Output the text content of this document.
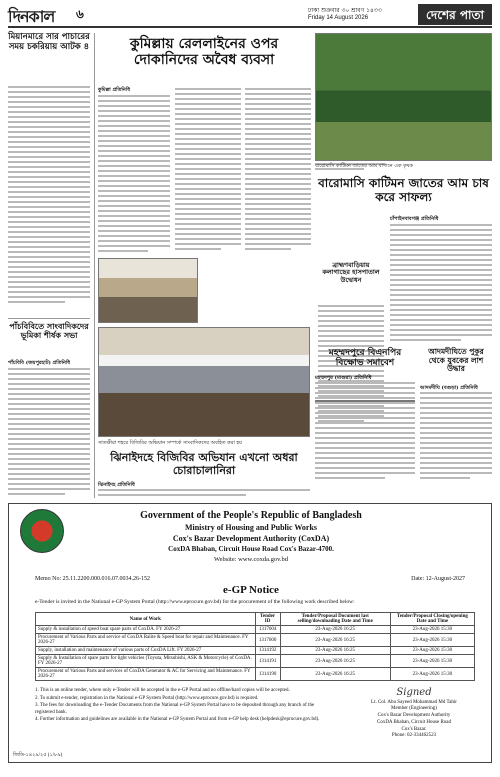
দিনকাল ৬	ঢাকা শুক্রবার ৩০ শ্রাবণ ১৪৩৩
Friday 14 August 2026	দেশের পাতা
মিয়ানমারে সার পাচারের সময় চকরিয়ায় আটক ৪
পাঁচবিবিতে সাংবাদিকদের ভূমিকা শীর্ষক সভা
পাঁচবিবি (জয়পুরহাট) প্রতিনিধি
কুমিল্লায় রেললাইনের ওপর দোকানিদের অবৈধ ব্যবসা
কুমিল্লা প্রতিনিধি
সাতক্ষীরা শহরে বিজিবির অভিযান সম্পর্কে সাংবাদিকদের অবহিত করা হয়
ঝিনাইদহে বিজিবির অভিযান এখনো অধরা চোরাচালানিরা
ঝিনাইদহ প্রতিনিধি
ব্রাহ্মণবাড়িয়ায় কলাগাছের হাসপাতাল উদ্বোধন
বারোমাসি কাটিমন জাতের আম বাগানে এক কৃষক
বারোমাসি কাটিমন জাতের আম চাষ করে সাফল্য
চাঁপাইনবাবগঞ্জ প্রতিনিধি
মহম্মদপুরে বিএনপির বিক্ষোভ সমাবেশ
মহম্মদপুর (মাগুরা) প্রতিনিধি
আদমদীঘিতে পুকুর থেকে যুবকের লাশ উদ্ধার
আদমদীঘি (বগুড়া) প্রতিনিধি
Government of the People's Republic of Bangladesh
Ministry of Housing and Public Works
Cox's Bazar Development Authority (CoxDA)
CoxDA Bhaban, Circuit House Road Cox's Bazar-4700.
Website: www.coxda.gov.bd
Memo No: 25.11.2200.000.016.07.0034.26-152	Date: 12-August-2027
e-GP Notice
e-Tender is invited in the National e-GP System Portal (http://www.eprocure.gov.bd) for the procurement of the following work described below:
Name of Work	Tender ID	Tender/Proposal Document last selling/downloading Date and Time	Tender/Proposal Closing/opening Date and Time
Supply & installation of speed boat spare parts of CoxDA. FY 2026-27	1317604	23-Aug-2026 16:25	23-Aug-2026 15:30
Procurement of Various Parts and service of CoxDA Ralite & Speed boat for repair and Maintenance. FY 2026-27	1317600	23-Aug-2026 16:25	23-Aug-2026 15:30
Supply, installation and maintenance of various parts of CoxDA Lift. FY 2026-27	1314192	23-Aug-2026 16:25	23-Aug-2026 15:30
Supply & Installation of spare parts for light vehicles (Toyota, Mitsubishi, ASK & Motorcycle) of CoxDA. FY 2026-27	1314191	23-Aug-2026 16:25	23-Aug-2026 15:30
Procurement of Various Parts and services of CoxDA Generator & AC for Servicing and Maintenance. FY 2026-27	1314190	23-Aug-2026 16:25	23-Aug-2026 15:30
1. This is an online tender, where only e-Tender will be accepted in the e-GP Portal and no offline/hard copies will be accepted.
2. To submit e-tender, registration in the National e-GP System Portal (http://www.eprocure.gov.bd) is required.
3. The fees for downloading the e-Tender Documents from the National e-GP System Portal have to be deposited through any branch of the registered bank.
4. Further information and guidelines are available in the National e-GP System Portal and from e-GP help desk (helpdesk@eprocure.gov.bd).
Signed
Lt. Col. Abu Sayeed Mohammad Md Tahir
Member (Engineering)
Cox's Bazar Development Authority
CoxDA Bhaban, Circuit House Road
Cox's Bazar.
Phone: 02-334462523
জিডি-১৪২৯/২৫ (১/৮৯)
